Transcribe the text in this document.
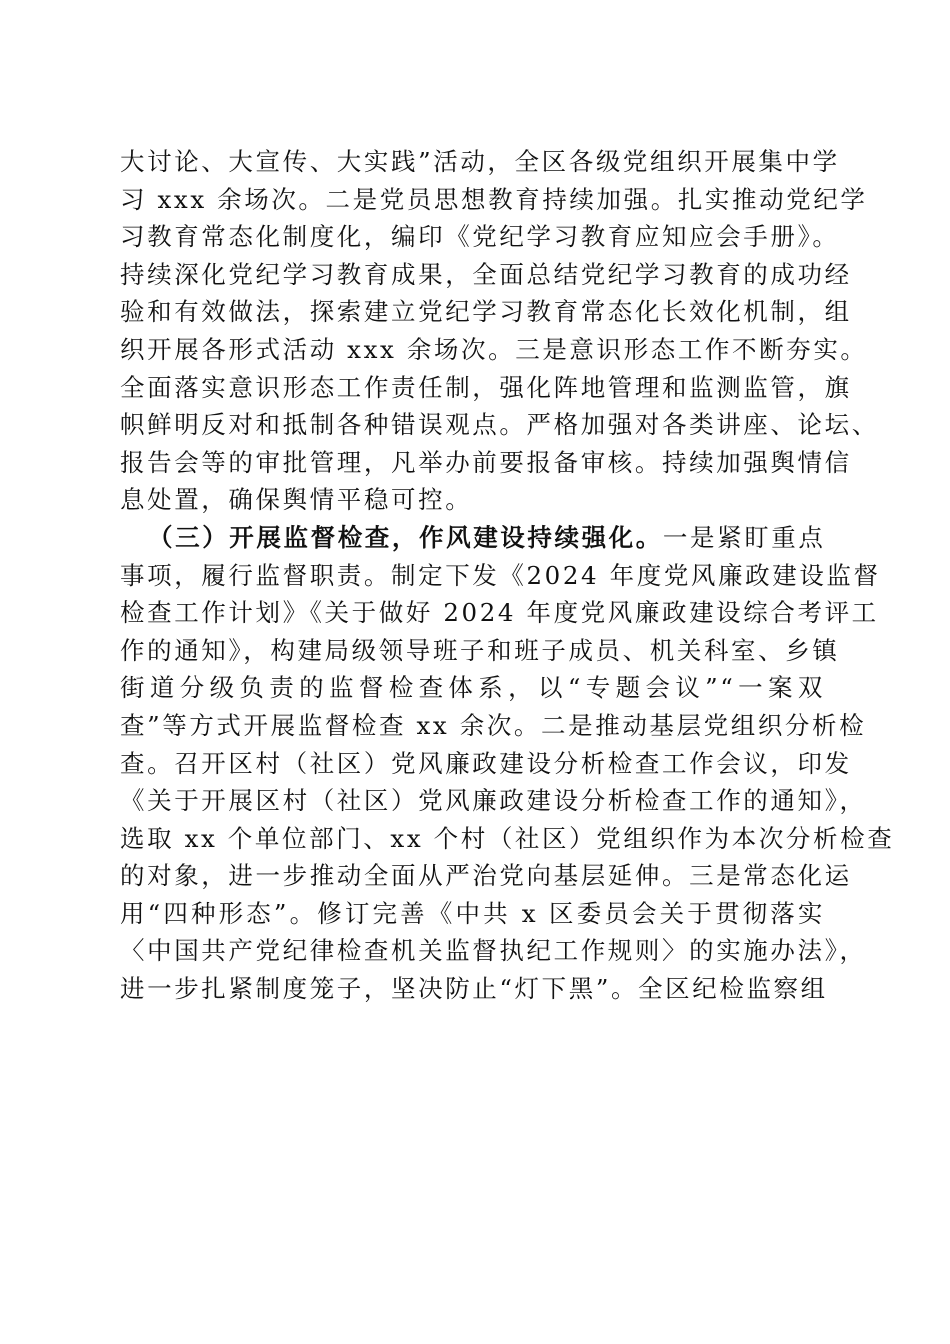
大讨论、大宣传、大实践”活动，全区各级党组织开展集中学
习 xxx 余场次。二是党员思想教育持续加强。扎实推动党纪学
习教育常态化制度化，编印《党纪学习教育应知应会手册》。
持续深化党纪学习教育成果，全面总结党纪学习教育的成功经
验和有效做法，探索建立党纪学习教育常态化长效化机制，组
织开展各形式活动 xxx 余场次。三是意识形态工作不断夯实。
全面落实意识形态工作责任制，强化阵地管理和监测监管，旗
帜鲜明反对和抵制各种错误观点。严格加强对各类讲座、论坛、
报告会等的审批管理，凡举办前要报备审核。持续加强舆情信
息处置，确保舆情平稳可控。
（三）开展监督检查，作风建设持续强化。一是紧盯重点
事项，履行监督职责。制定下发《2024 年度党风廉政建设监督
检查工作计划》《关于做好 2024 年度党风廉政建设综合考评工
作的通知》，构建局级领导班子和班子成员、机关科室、乡镇
街道分级负责的监督检查体系，以“专题会议”“一案双
查”等方式开展监督检查 xx 余次。二是推动基层党组织分析检
查。召开区村（社区）党风廉政建设分析检查工作会议，印发
《关于开展区村（社区）党风廉政建设分析检查工作的通知》，
选取 xx 个单位部门、xx 个村（社区）党组织作为本次分析检查
的对象，进一步推动全面从严治党向基层延伸。三是常态化运
用“四种形态”。修订完善《中共 x 区委员会关于贯彻落实
〈中国共产党纪律检查机关监督执纪工作规则〉的实施办法》，
进一步扎紧制度笼子，坚决防止“灯下黑”。全区纪检监察组
